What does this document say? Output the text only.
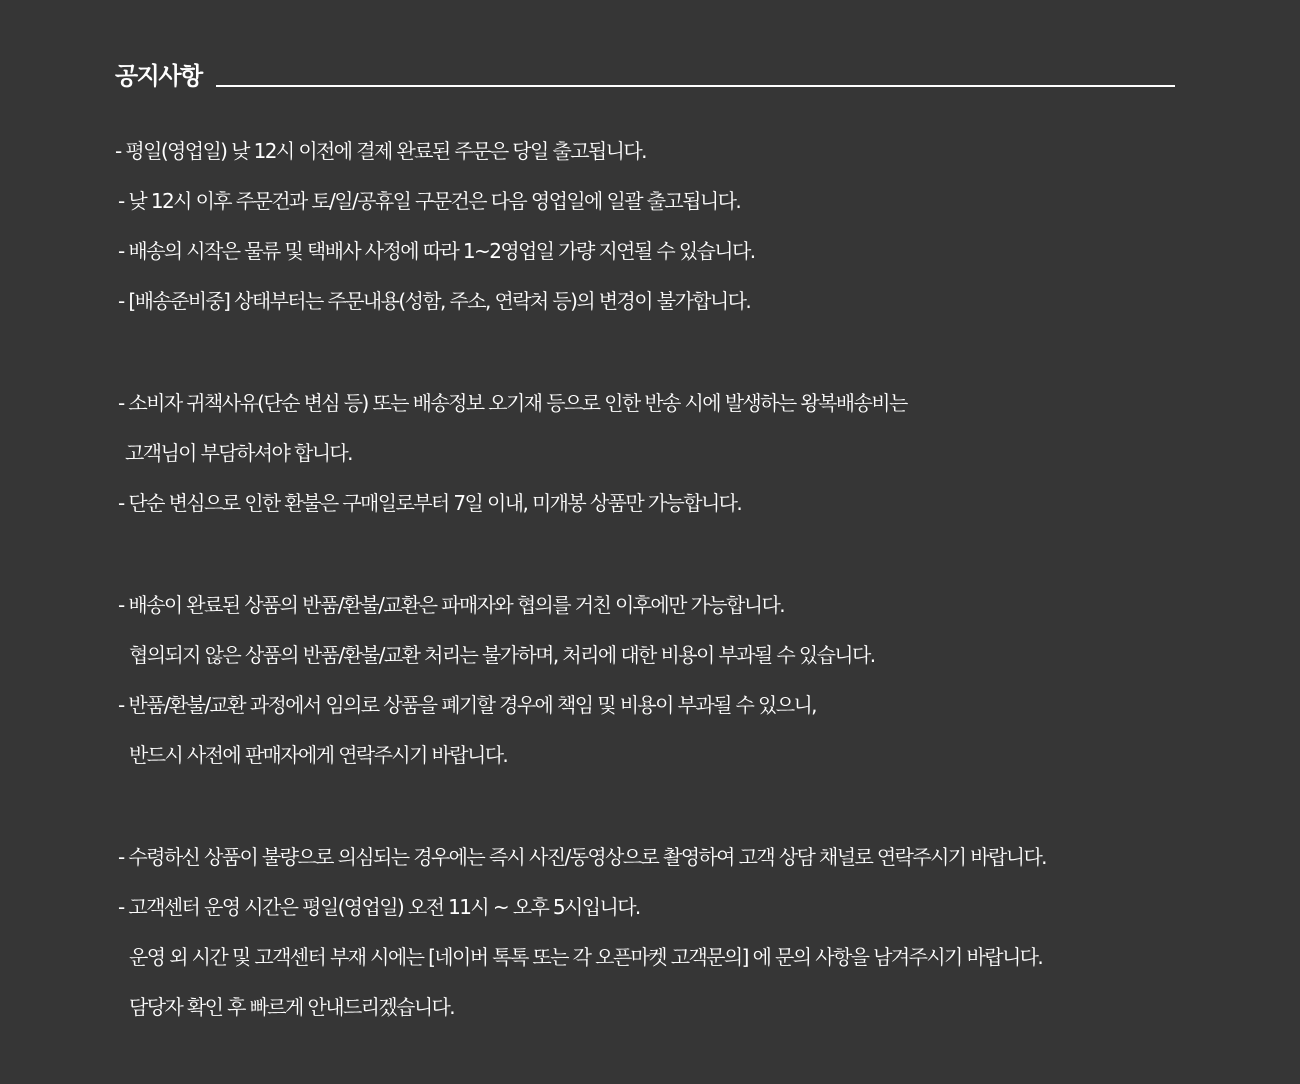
공지사항
- 평일(영업일) 낮 12시 이전에 결제 완료된 주문은 당일 출고됩니다.
- 낮 12시 이후 주문건과 토/일/공휴일 구문건은 다음 영업일에 일괄 출고됩니다.
- 배송의 시작은 물류 및 택배사 사정에 따라 1~2영업일 가량 지연될 수 있습니다.
- [배송준비중] 상태부터는 주문내용(성함, 주소, 연락처 등)의 변경이 불가합니다.
- 소비자 귀책사유(단순 변심 등) 또는 배송정보 오기재 등으로 인한 반송 시에 발생하는 왕복배송비는
고객님이 부담하셔야 합니다.
- 단순 변심으로 인한 환불은 구매일로부터 7일 이내, 미개봉 상품만 가능합니다.
- 배송이 완료된 상품의 반품/환불/교환은 파매자와 협의를 거친 이후에만 가능합니다.
협의되지 않은 상품의 반품/환불/교환 처리는 불가하며, 처리에 대한 비용이 부과될 수 있습니다.
- 반품/환불/교환 과정에서 임의로 상품을 폐기할 경우에 책임 및 비용이 부과될 수 있으니,
반드시 사전에 판매자에게 연락주시기 바랍니다.
- 수령하신 상품이 불량으로 의심되는 경우에는 즉시 사진/동영상으로 촬영하여 고객 상담 채널로 연락주시기 바랍니다.
- 고객센터 운영 시간은 평일(영업일) 오전 11시 ~ 오후 5시입니다.
운영 외 시간 및 고객센터 부재 시에는 [네이버 톡톡 또는 각 오픈마켓 고객문의] 에 문의 사항을 남겨주시기 바랍니다.
담당자 확인 후 빠르게 안내드리겠습니다.
